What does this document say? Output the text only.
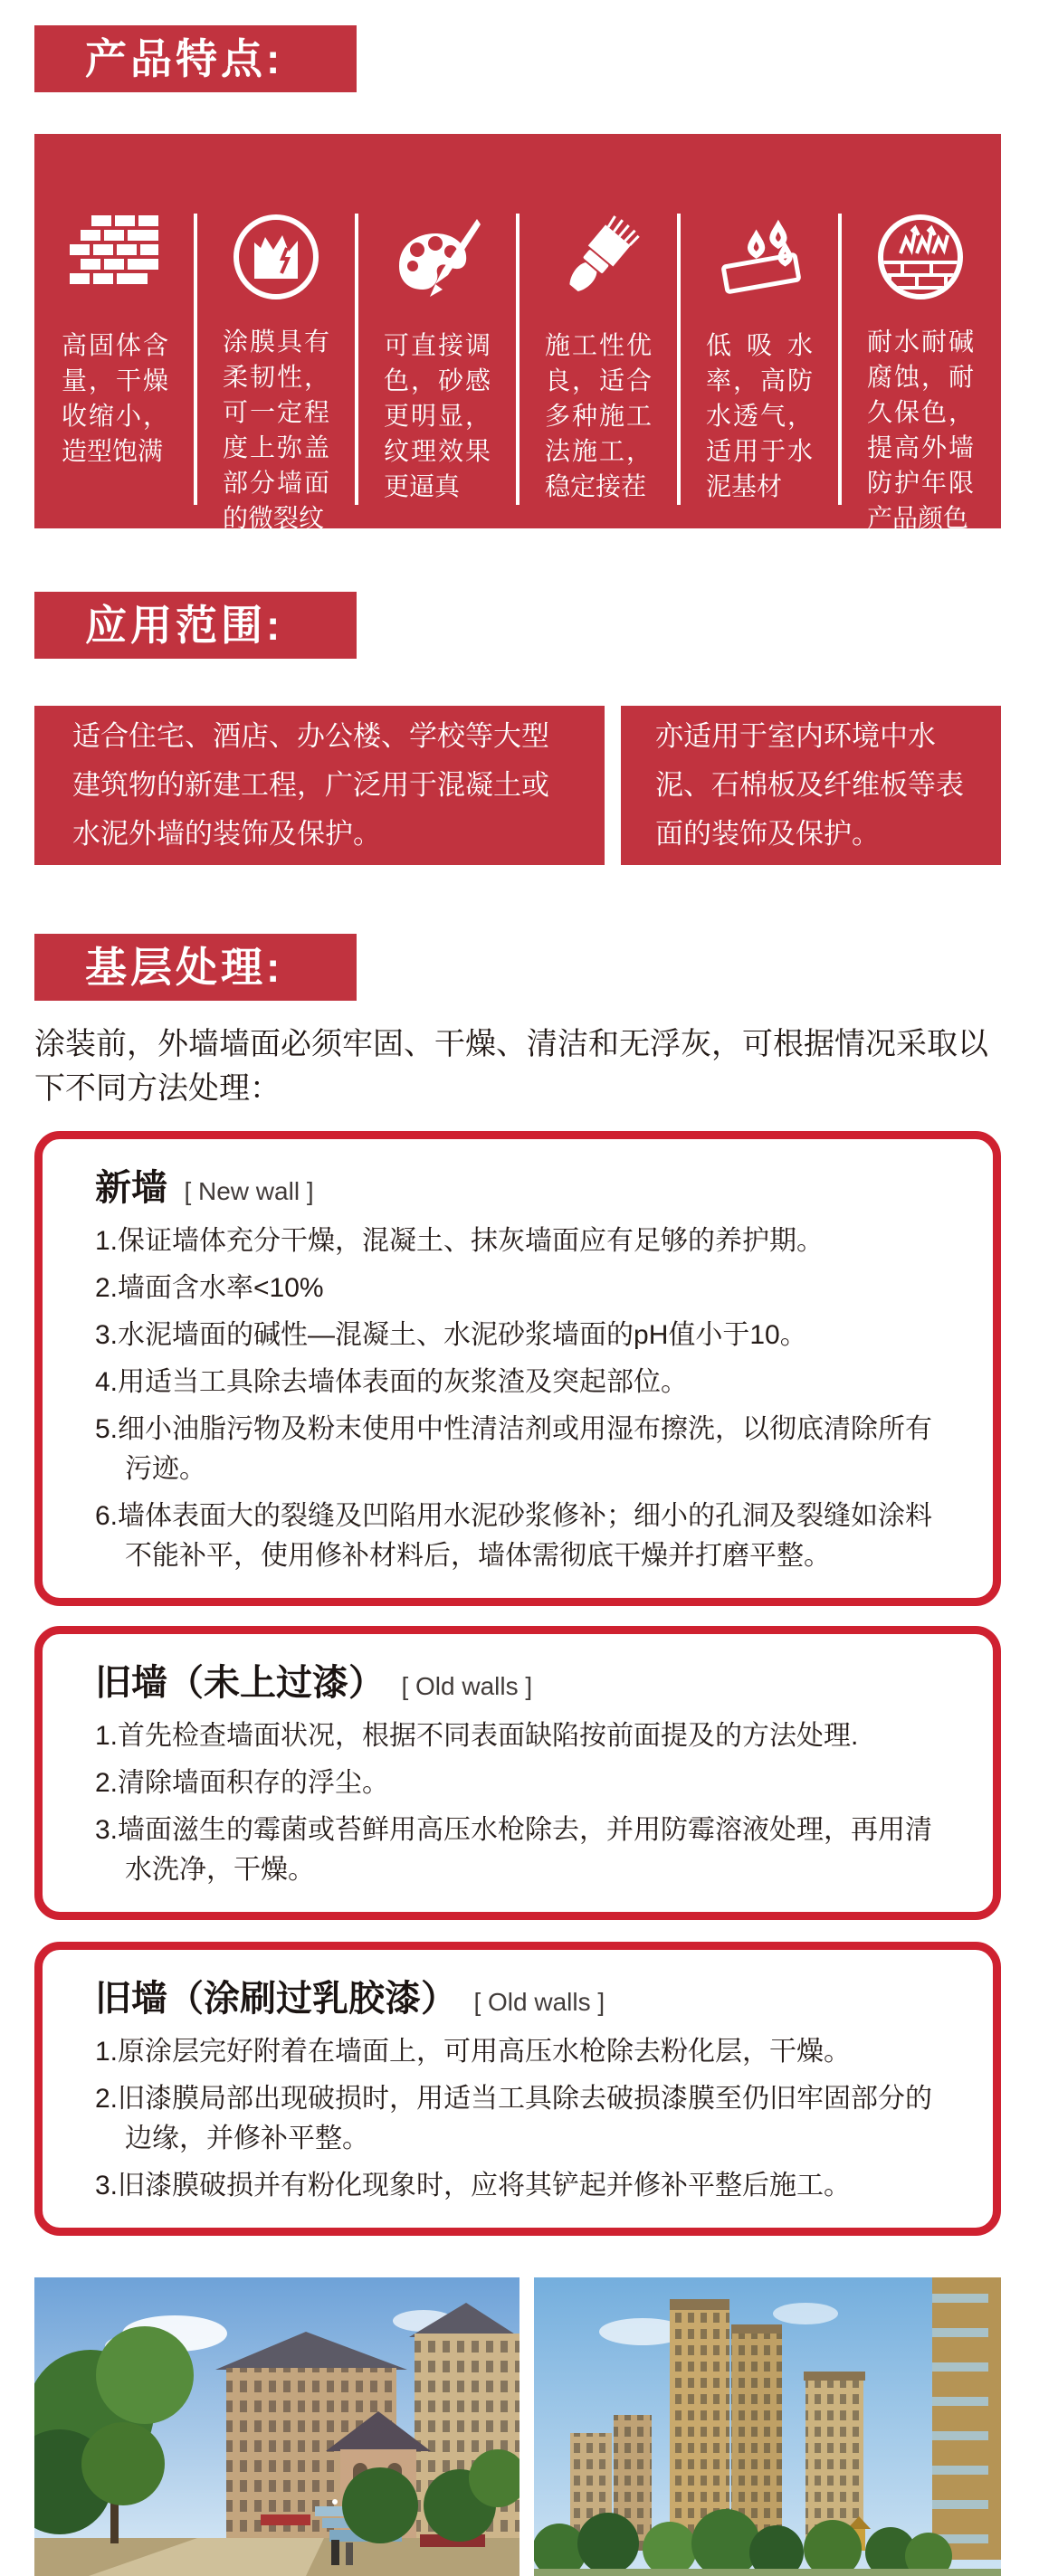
产品特点:
高固体含量，干燥收缩小，造型饱满
涂膜具有柔韧性，可一定程度上弥盖部分墙面的微裂纹
可直接调色，砂感更明显，纹理效果更逼真
施工性优良，适合多种施工法施工，稳定接茬
低吸水率，高防水透气，适用于水泥基材
耐水耐碱腐蚀，耐久保色，提高外墙防护年限产品颜色
应用范围:
适合住宅、酒店、办公楼、学校等大型建筑物的新建工程，广泛用于混凝土或水泥外墙的装饰及保护。
亦适用于室内环境中水泥、石棉板及纤维板等表面的装饰及保护。
基层处理:
涂装前，外墙墙面必须牢固、干燥、清洁和无浮灰，可根据情况采取以下不同方法处理：
新墙 [ New wall ]
1.保证墙体充分干燥，混凝土、抹灰墙面应有足够的养护期。
2.墙面含水率<10%
3.水泥墙面的碱性—混凝土、水泥砂浆墙面的pH值小于10。
4.用适当工具除去墙体表面的灰浆渣及突起部位。
5.细小油脂污物及粉末使用中性清洁剂或用湿布擦洗，以彻底清除所有污迹。
6.墙体表面大的裂缝及凹陷用水泥砂浆修补；细小的孔洞及裂缝如涂料不能补平，使用修补材料后，墙体需彻底干燥并打磨平整。
旧墙（未上过漆） [ Old walls ]
1.首先检查墙面状况，根据不同表面缺陷按前面提及的方法处理.
2.清除墙面积存的浮尘。
3.墙面滋生的霉菌或苔鲜用高压水枪除去，并用防霉溶液处理，再用清水洗净，干燥。
旧墙（涂刷过乳胶漆） [ Old walls ]
1.原涂层完好附着在墙面上，可用高压水枪除去粉化层，干燥。
2.旧漆膜局部出现破损时，用适当工具除去破损漆膜至仍旧牢固部分的边缘，并修补平整。
3.旧漆膜破损并有粉化现象时，应将其铲起并修补平整后施工。
